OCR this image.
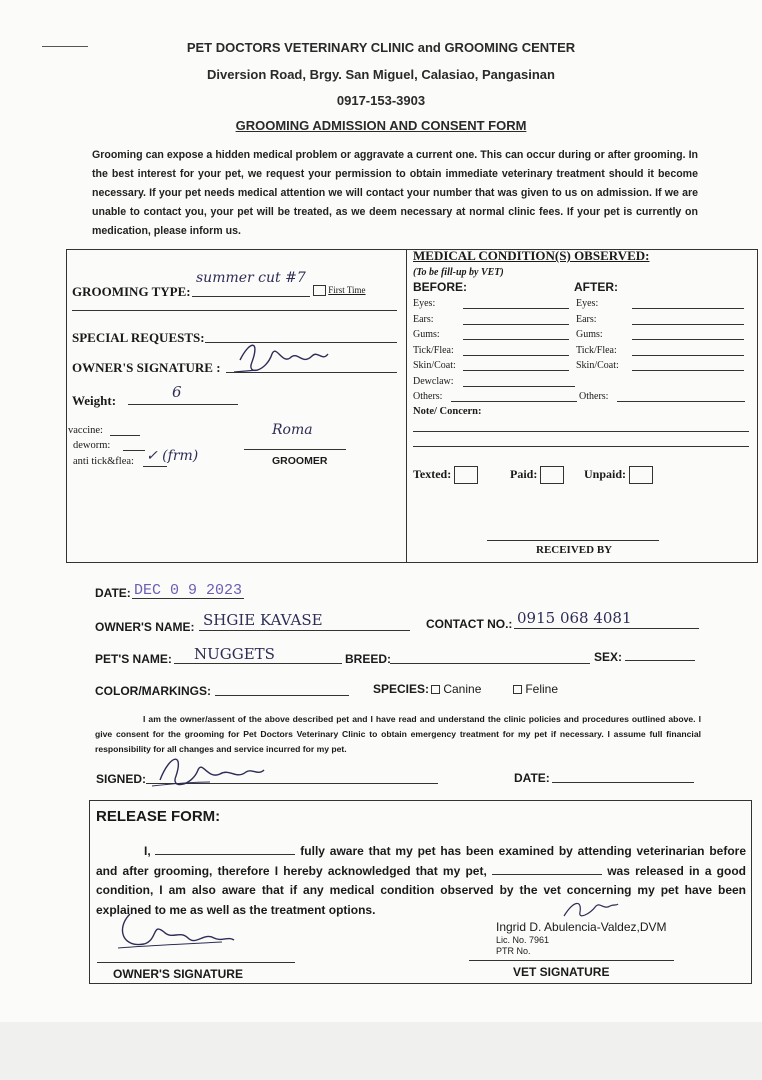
PET DOCTORS VETERINARY CLINIC and GROOMING CENTER
Diversion Road, Brgy. San Miguel, Calasiao, Pangasinan
0917-153-3903
GROOMING ADMISSION AND CONSENT FORM
Grooming can expose a hidden medical problem or aggravate a current one. This can occur during or after grooming. In the best interest for your pet, we request your permission to obtain immediate veterinary treatment should it become necessary. If your pet needs medical attention we will contact your number that was given to us on admission. If we are unable to contact you, your pet will be treated, as we deem necessary at normal clinic fees. If your pet is currently on medication, please inform us.
GROOMING TYPE:
summer cut #7
First Time
SPECIAL REQUESTS:
OWNER'S SIGNATURE :
Weight:	6
vaccine:
deworm:
anti tick&flea: ✓ (frm)
Roma
GROOMER
MEDICAL CONDITION(S) OBSERVED:
(To be fill-up by VET)
BEFORE:	AFTER:
Eyes:	Eyes:
Ears:	Ears:
Gums:	Gums:
Tick/Flea:	Tick/Flea:
Skin/Coat:	Skin/Coat:
Dewclaw:
Others:	Others:
Note/ Concern:
Texted:	Paid:	Unpaid:
RECEIVED BY
DATE: DEC 0 9 2023
OWNER'S NAME: SHGIE KAVASE	CONTACT NO.: 0915 068 4081
PET'S NAME: NUGGETS	BREED:	SEX:
COLOR/MARKINGS:	SPECIES:	Canine	Feline
I am the owner/assent of the above described pet and I have read and understand the clinic policies and procedures outlined above. I give consent for the grooming for Pet Doctors Veterinary Clinic to obtain emergency treatment for my pet if necessary. I assume full financial responsibility for all changes and service incurred for my pet.
SIGNED:	DATE:
RELEASE FORM:
I,	fully aware that my pet has been examined by attending veterinarian before and after grooming, therefore I hereby acknowledged that my pet,	was released in a good condition, I am also aware that if any medical condition observed by the vet concerning my pet have been explained to me as well as the treatment options.
OWNER'S SIGNATURE
Ingrid D. Abulencia-Valdez,DVM
Lic. No. 7961
PTR No.
VET SIGNATURE
